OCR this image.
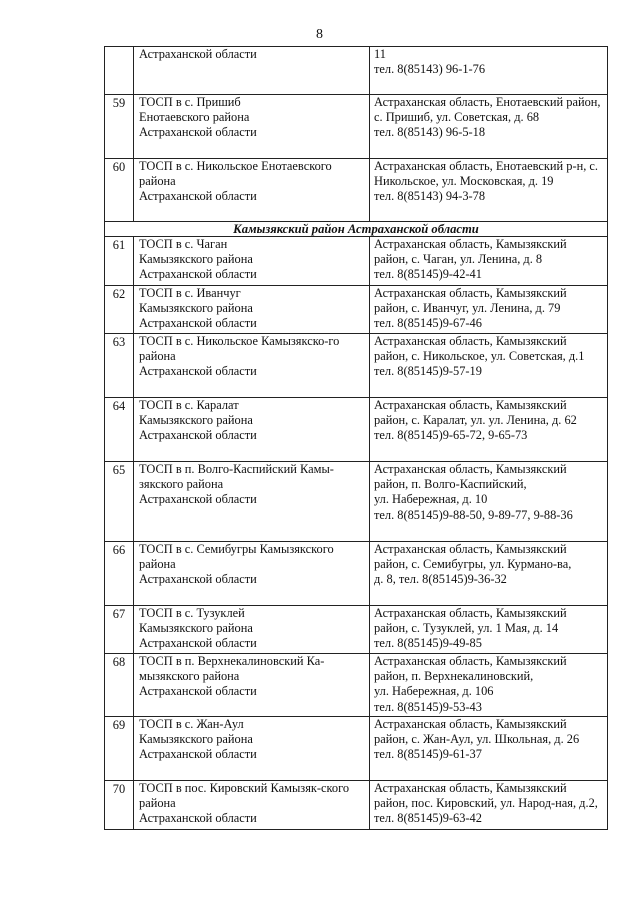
8
	Астраханской области	11
тел. 8(85143) 96-1-76
59	ТОСП в с. Пришиб
Енотаевского района
Астраханской области	Астраханская область, Енотаевский район, с. Пришиб, ул. Советская, д. 68
тел. 8(85143) 96-5-18
60	ТОСП в с. Никольское Енотаевского района
Астраханской области	Астраханская область, Енотаевский р-н, с. Никольское, ул. Московская, д. 19
тел. 8(85143) 94-3-78
Камызякский район Астраханской области		
61	ТОСП в с. Чаган
Камызякского района
Астраханской области	Астраханская область, Камызякский район, с. Чаган, ул. Ленина, д. 8
тел. 8(85145)9-42-41
62	ТОСП в с. Иванчуг
Камызякского района
Астраханской области	Астраханская область, Камызякский район, с. Иванчуг, ул. Ленина, д. 79
тел. 8(85145)9-67-46
63	ТОСП в с. Никольское Камызякско-го района
Астраханской области	Астраханская область, Камызякский район, с. Никольское, ул. Советская, д.1
тел. 8(85145)9-57-19
64	ТОСП в с. Каралат
Камызякского района
Астраханской области	Астраханская область, Камызякский район, с. Каралат, ул. ул. Ленина, д. 62
тел. 8(85145)9-65-72, 9-65-73
65	ТОСП в п. Волго-Каспийский Камы-зякского района
Астраханской области	Астраханская область, Камызякский район, п. Волго-Каспийский,
ул. Набережная, д. 10
тел. 8(85145)9-88-50, 9-89-77, 9-88-36
66	ТОСП в с. Семибугры Камызякского района
Астраханской области	Астраханская область, Камызякский район, с. Семибугры, ул. Курмано-ва,
д. 8, тел. 8(85145)9-36-32
67	ТОСП в с. Тузуклей
Камызякского района
Астраханской области	Астраханская область, Камызякский район, с. Тузуклей, ул. 1 Мая, д. 14
тел. 8(85145)9-49-85
68	ТОСП в п. Верхнекалиновский Ка-мызякского района
Астраханской области	Астраханская область, Камызякский район, п. Верхнекалиновский,
ул. Набережная, д. 106
тел. 8(85145)9-53-43
69	ТОСП в с. Жан-Аул
Камызякского района
Астраханской области	Астраханская область, Камызякский район, с. Жан-Аул, ул. Школьная, д. 26
тел. 8(85145)9-61-37
70	ТОСП в пос. Кировский Камызяк-ского района
Астраханской области	Астраханская область, Камызякский район, пос. Кировский, ул. Народ-ная, д.2, тел. 8(85145)9-63-42
